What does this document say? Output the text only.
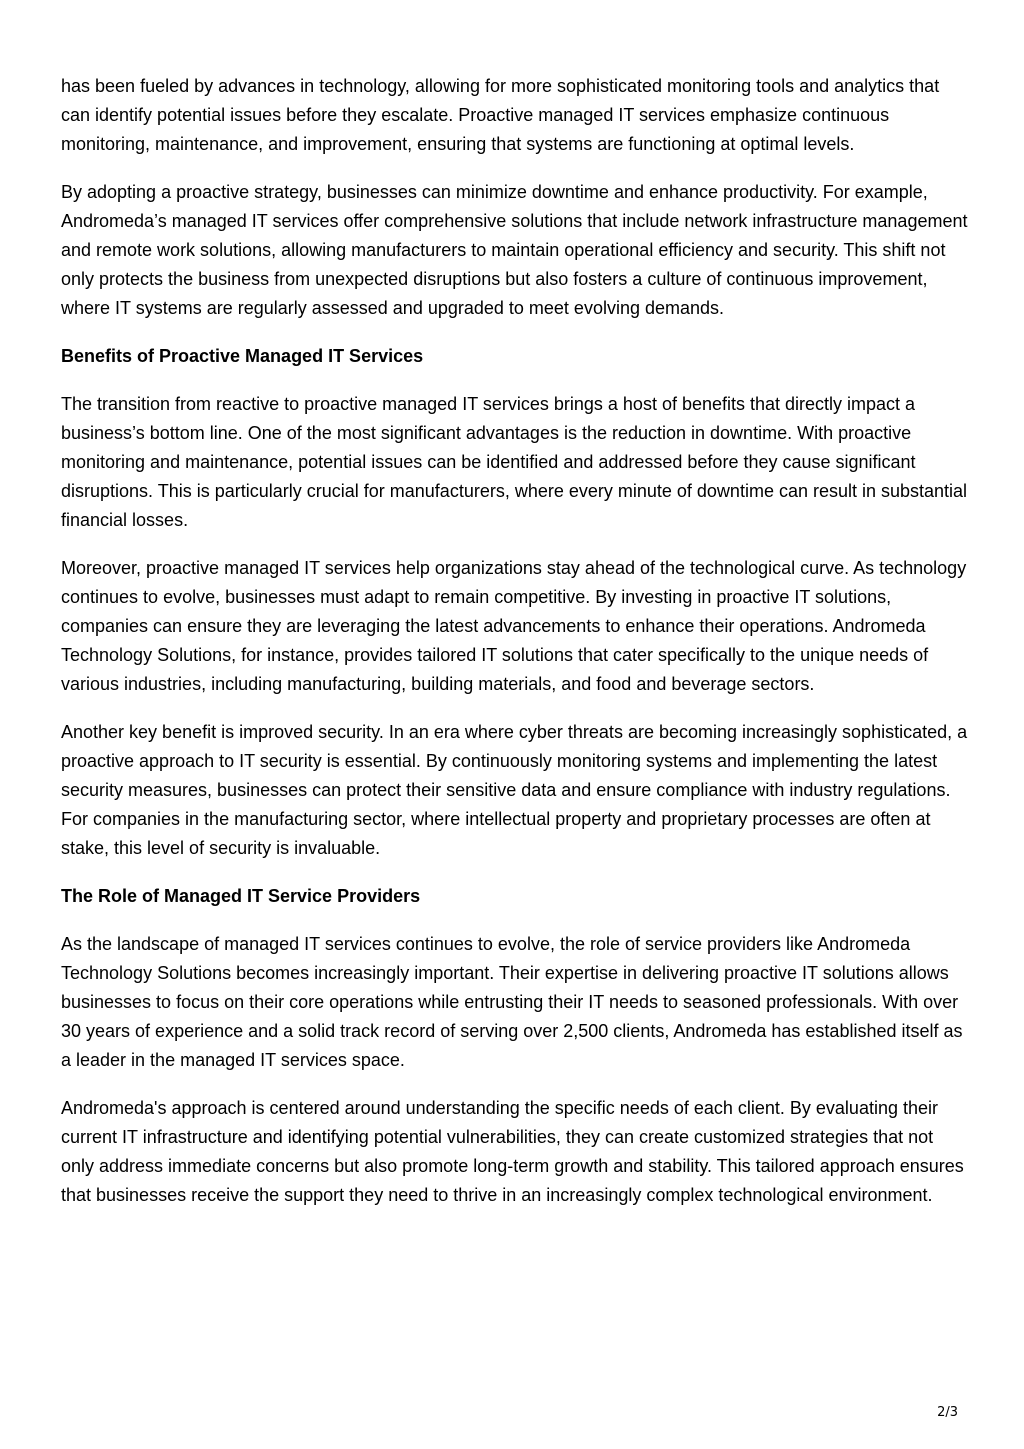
has been fueled by advances in technology, allowing for more sophisticated monitoring tools and analytics that can identify potential issues before they escalate. Proactive managed IT services emphasize continuous monitoring, maintenance, and improvement, ensuring that systems are functioning at optimal levels.

By adopting a proactive strategy, businesses can minimize downtime and enhance productivity. For example, Andromeda’s managed IT services offer comprehensive solutions that include network infrastructure management and remote work solutions, allowing manufacturers to maintain operational efficiency and security. This shift not only protects the business from unexpected disruptions but also fosters a culture of continuous improvement, where IT systems are regularly assessed and upgraded to meet evolving demands.

Benefits of Proactive Managed IT Services

The transition from reactive to proactive managed IT services brings a host of benefits that directly impact a business’s bottom line. One of the most significant advantages is the reduction in downtime. With proactive monitoring and maintenance, potential issues can be identified and addressed before they cause significant disruptions. This is particularly crucial for manufacturers, where every minute of downtime can result in substantial financial losses.

Moreover, proactive managed IT services help organizations stay ahead of the technological curve. As technology continues to evolve, businesses must adapt to remain competitive. By investing in proactive IT solutions, companies can ensure they are leveraging the latest advancements to enhance their operations. Andromeda Technology Solutions, for instance, provides tailored IT solutions that cater specifically to the unique needs of various industries, including manufacturing, building materials, and food and beverage sectors.

Another key benefit is improved security. In an era where cyber threats are becoming increasingly sophisticated, a proactive approach to IT security is essential. By continuously monitoring systems and implementing the latest security measures, businesses can protect their sensitive data and ensure compliance with industry regulations. For companies in the manufacturing sector, where intellectual property and proprietary processes are often at stake, this level of security is invaluable.

The Role of Managed IT Service Providers

As the landscape of managed IT services continues to evolve, the role of service providers like Andromeda Technology Solutions becomes increasingly important. Their expertise in delivering proactive IT solutions allows businesses to focus on their core operations while entrusting their IT needs to seasoned professionals. With over 30 years of experience and a solid track record of serving over 2,500 clients, Andromeda has established itself as a leader in the managed IT services space.

Andromeda's approach is centered around understanding the specific needs of each client. By evaluating their current IT infrastructure and identifying potential vulnerabilities, they can create customized strategies that not only address immediate concerns but also promote long-term growth and stability. This tailored approach ensures that businesses receive the support they need to thrive in an increasingly complex technological environment.

2/3
